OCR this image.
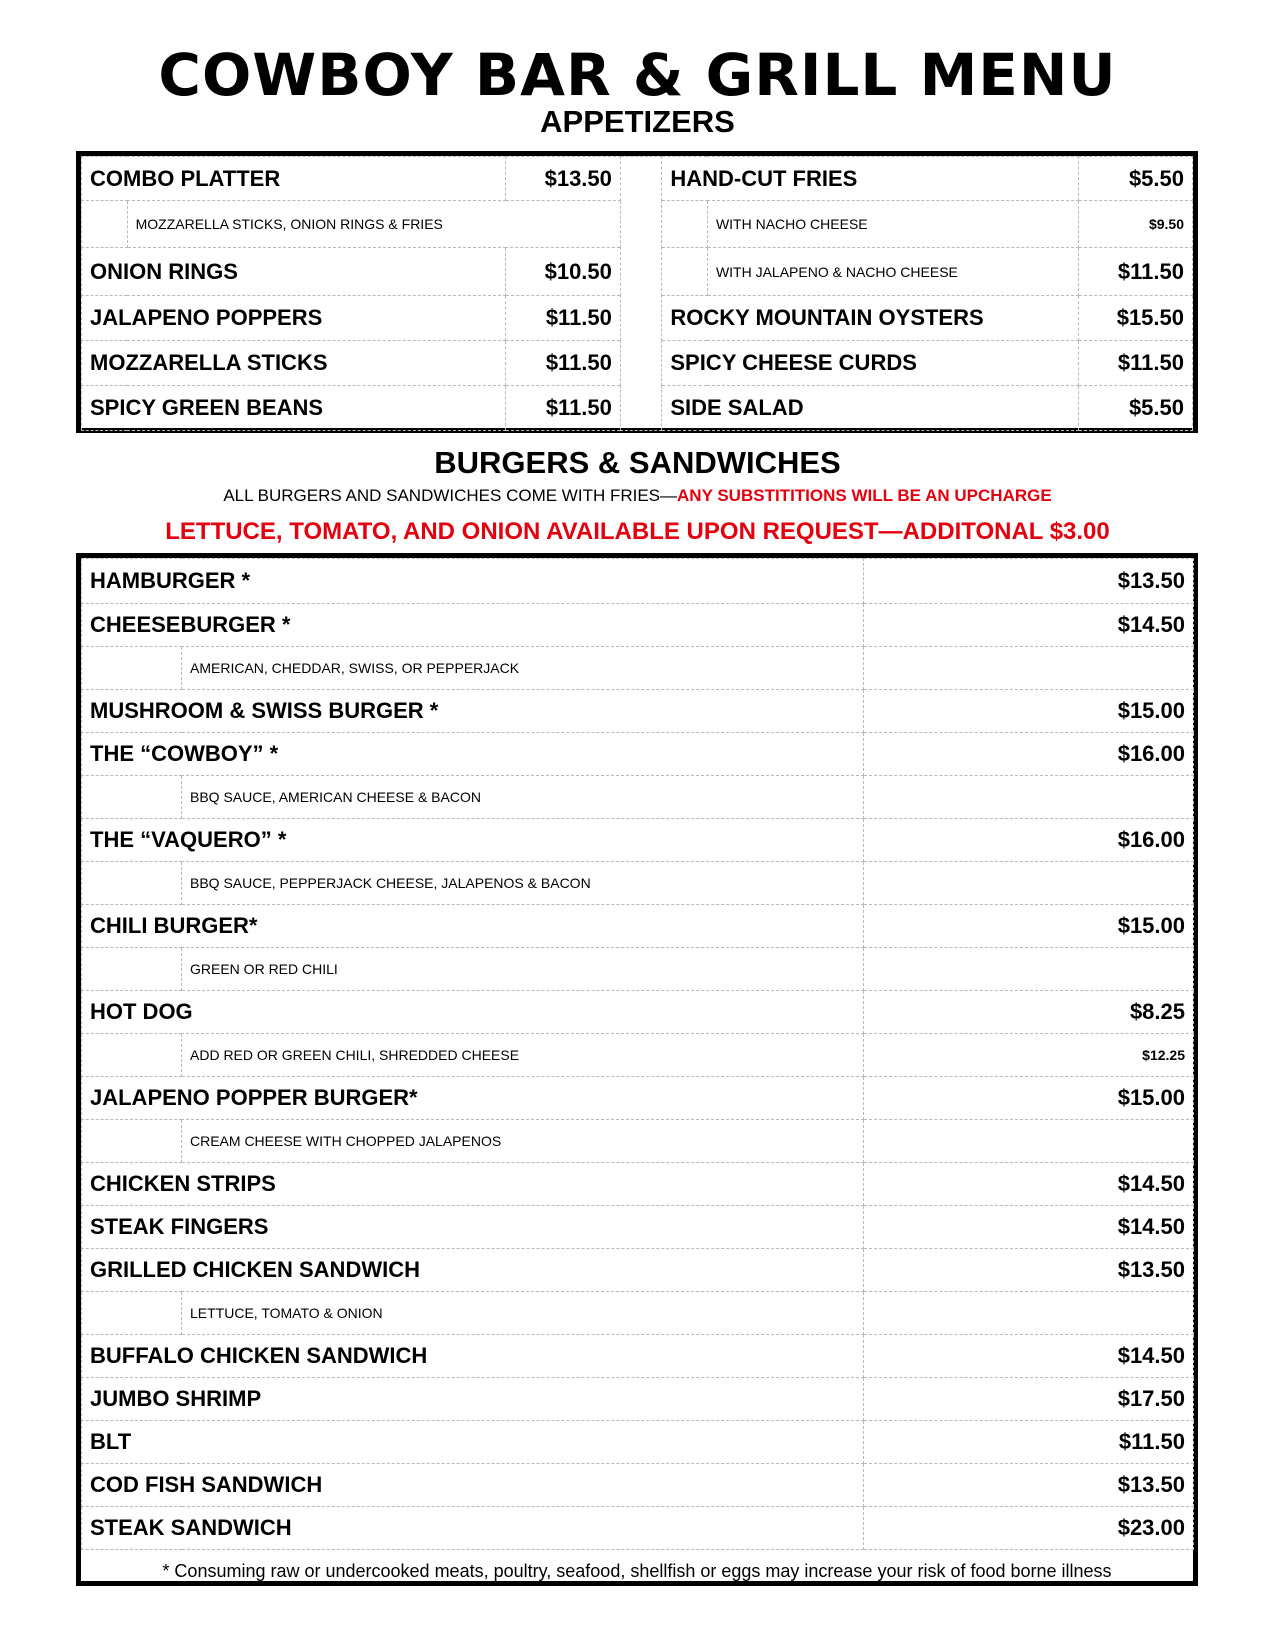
COWBOY BAR & GRILL MENU
APPETIZERS
COMBO PLATTER		$13.50		HAND-CUT FRIES		$5.50
	MOZZARELLA STICKS, ONION RINGS & FRIES				WITH NACHO CHEESE	$9.50
ONION RINGS		$10.50			WITH JALAPENO & NACHO CHEESE	$11.50
JALAPENO POPPERS		$11.50		ROCKY MOUNTAIN OYSTERS		$15.50
MOZZARELLA STICKS		$11.50		SPICY CHEESE CURDS		$11.50
SPICY GREEN BEANS		$11.50		SIDE SALAD		$5.50
BURGERS & SANDWICHES
ALL BURGERS AND SANDWICHES COME WITH FRIES—ANY SUBSTITITIONS WILL BE AN UPCHARGE
LETTUCE, TOMATO, AND ONION AVAILABLE UPON REQUEST—ADDITONAL $3.00
HAMBURGER *		$13.50
CHEESEBURGER *		$14.50
	AMERICAN, CHEDDAR, SWISS, OR PEPPERJACK	
MUSHROOM & SWISS BURGER *		$15.00
THE “COWBOY” *		$16.00
	BBQ SAUCE, AMERICAN CHEESE & BACON	
THE “VAQUERO” *		$16.00
	BBQ SAUCE, PEPPERJACK CHEESE, JALAPENOS & BACON	
CHILI BURGER*		$15.00
	GREEN OR RED CHILI	
HOT DOG		$8.25
	ADD RED OR GREEN CHILI, SHREDDED CHEESE	$12.25
JALAPENO POPPER BURGER*		$15.00
	CREAM CHEESE WITH CHOPPED JALAPENOS	
CHICKEN STRIPS		$14.50
STEAK FINGERS		$14.50
GRILLED CHICKEN SANDWICH		$13.50
	LETTUCE, TOMATO & ONION	
BUFFALO CHICKEN SANDWICH		$14.50
JUMBO SHRIMP		$17.50
BLT		$11.50
COD FISH SANDWICH		$13.50
STEAK SANDWICH		$23.00
* Consuming raw or undercooked meats, poultry, seafood, shellfish or eggs may increase your risk of food borne illness
